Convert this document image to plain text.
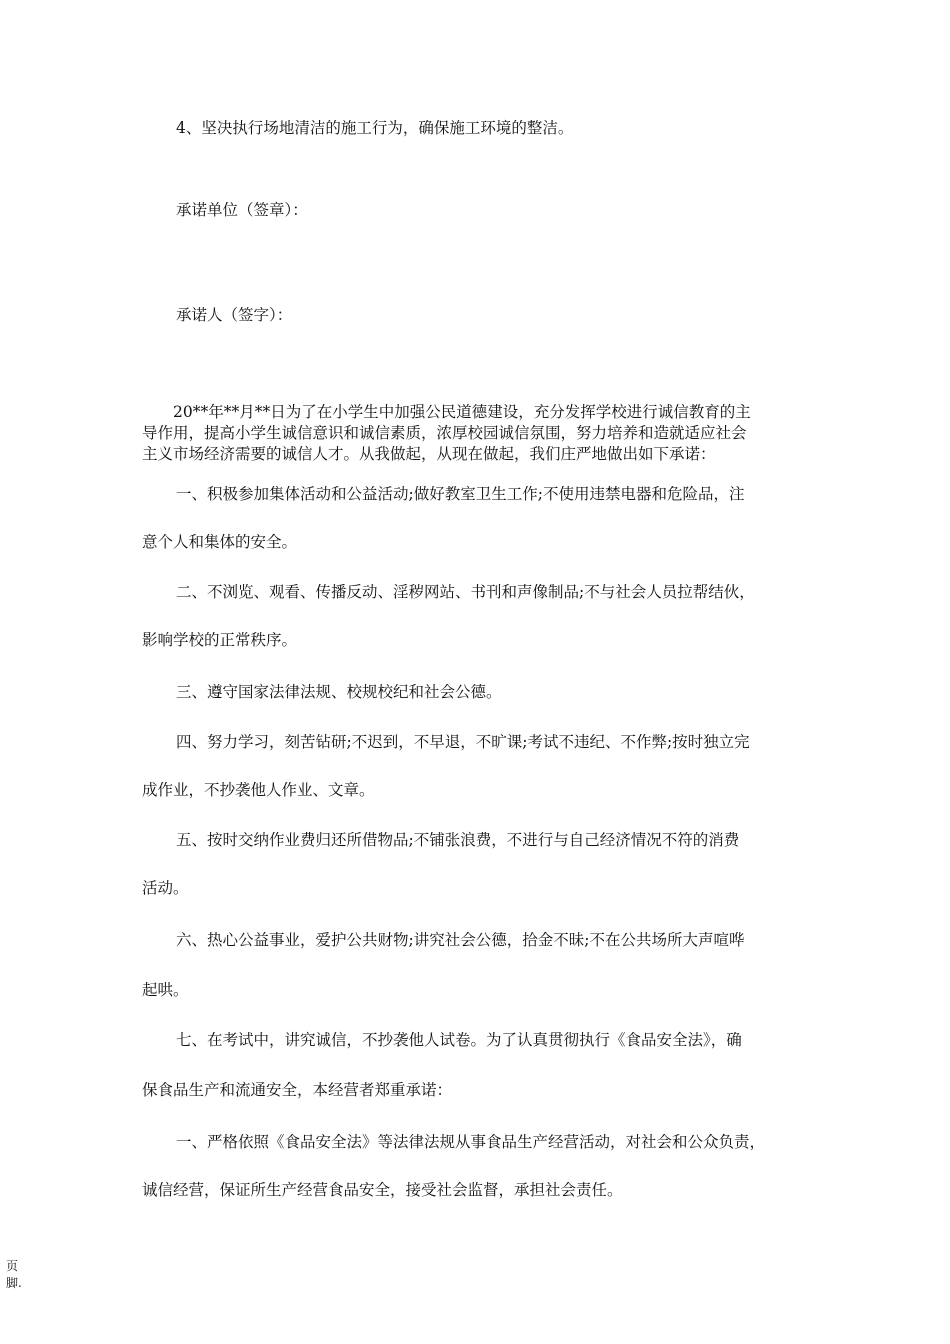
4、坚决执行场地清洁的施工行为，确保施工环境的整洁。

承诺单位（签章）：

承诺人（签字）：

　　20**年**月**日为了在小学生中加强公民道德建设，充分发挥学校进行诚信教育的主
导作用，提高小学生诚信意识和诚信素质，浓厚校园诚信氛围，努力培养和造就适应社会
主义市场经济需要的诚信人才。从我做起，从现在做起，我们庄严地做出如下承诺：

一、积极参加集体活动和公益活动;做好教室卫生工作;不使用违禁电器和危险品，注

意个人和集体的安全。

二、不浏览、观看、传播反动、淫秽网站、书刊和声像制品;不与社会人员拉帮结伙，

影响学校的正常秩序。

三、遵守国家法律法规、校规校纪和社会公德。

四、努力学习，刻苦钻研;不迟到，不早退，不旷课;考试不违纪、不作弊;按时独立完

成作业，不抄袭他人作业、文章。

五、按时交纳作业费归还所借物品;不铺张浪费，不进行与自己经济情况不符的消费

活动。

六、热心公益事业，爱护公共财物;讲究社会公德，拾金不昧;不在公共场所大声喧哗

起哄。

七、在考试中，讲究诚信，不抄袭他人试卷。为了认真贯彻执行《食品安全法》，确

保食品生产和流通安全，本经营者郑重承诺：

一、严格依照《食品安全法》等法律法规从事食品生产经营活动，对社会和公众负责，

诚信经营，保证所生产经营食品安全，接受社会监督，承担社会责任。

页脚.
